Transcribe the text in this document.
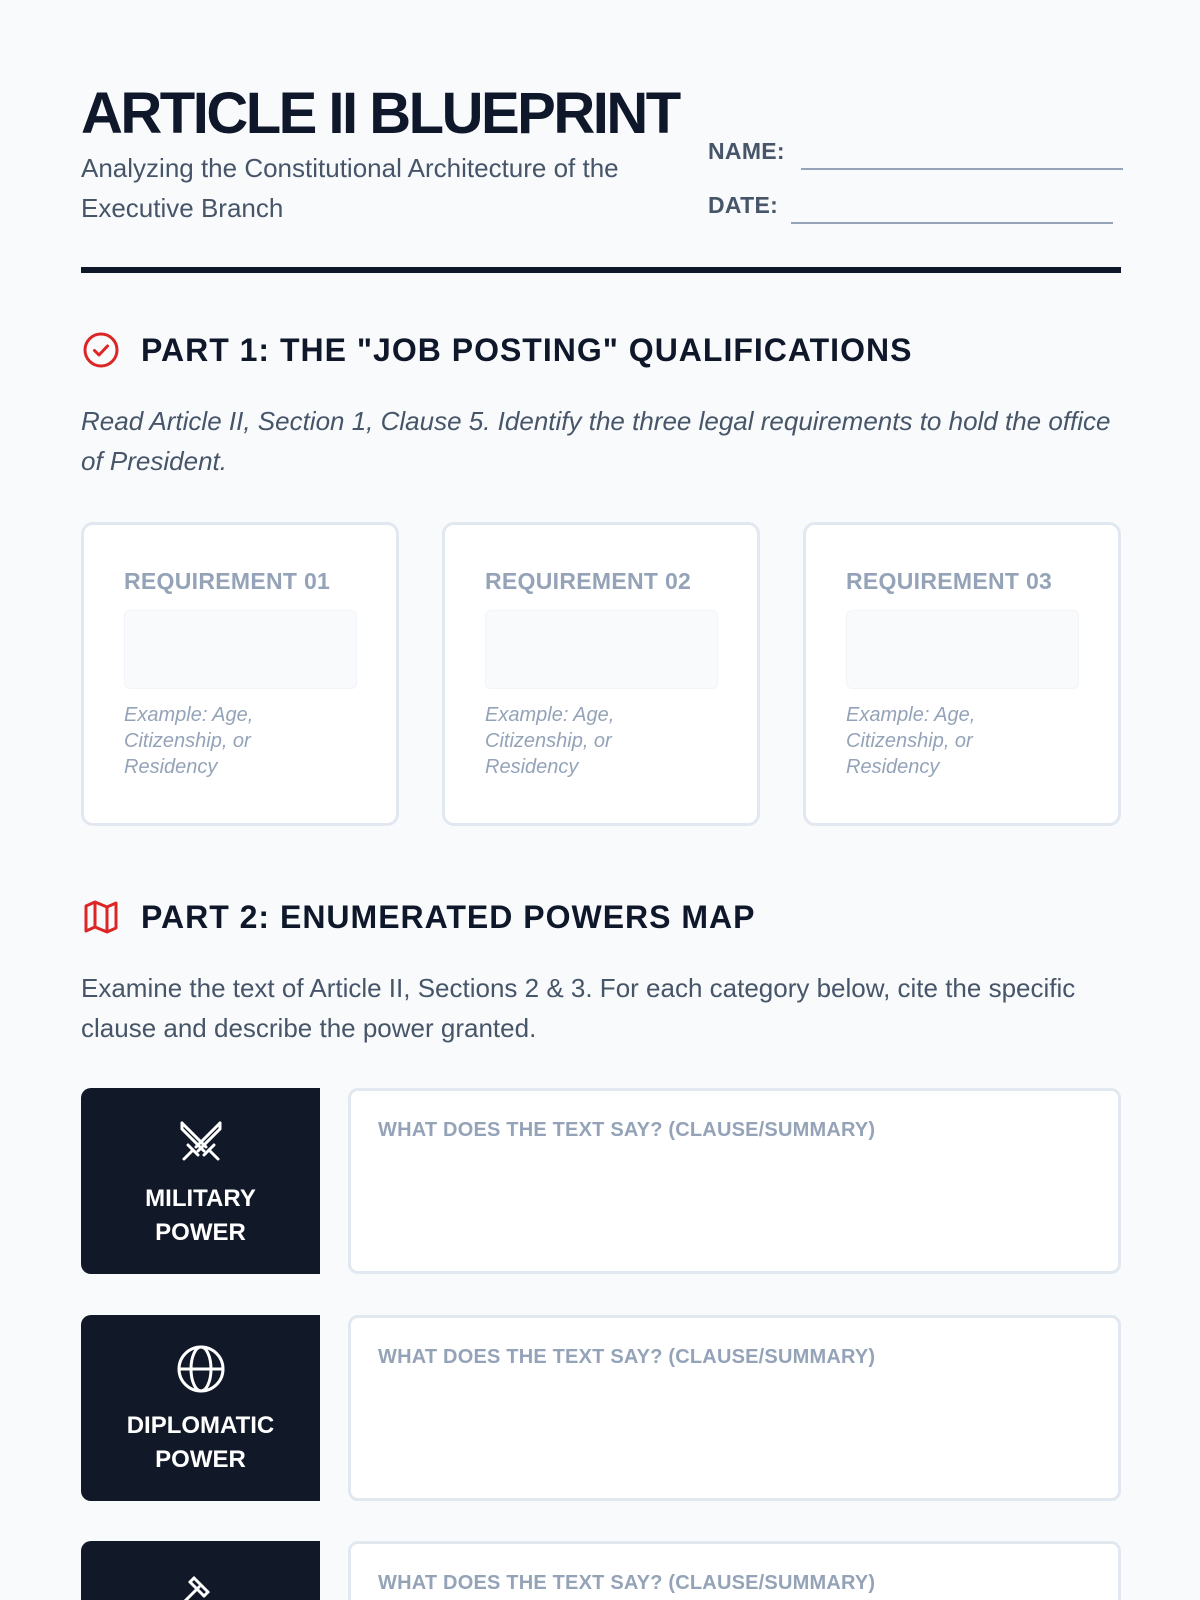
ARTICLE II BLUEPRINT
Analyzing the Constitutional Architecture of the Executive Branch
NAME:
DATE:
PART 1: THE "JOB POSTING" QUALIFICATIONS

Read Article II, Section 1, Clause 5. Identify the three legal requirements to hold the office of President.

REQUIREMENT 01
Example: Age, Citizenship, or Residency
REQUIREMENT 02
Example: Age, Citizenship, or Residency
REQUIREMENT 03
Example: Age, Citizenship, or Residency
PART 2: ENUMERATED POWERS MAP

Examine the text of Article II, Sections 2 & 3. For each category below, cite the specific clause and describe the power granted.

MILITARY POWER
WHAT DOES THE TEXT SAY? (CLAUSE/SUMMARY)
DIPLOMATIC POWER
WHAT DOES THE TEXT SAY? (CLAUSE/SUMMARY)
WHAT DOES THE TEXT SAY? (CLAUSE/SUMMARY)
